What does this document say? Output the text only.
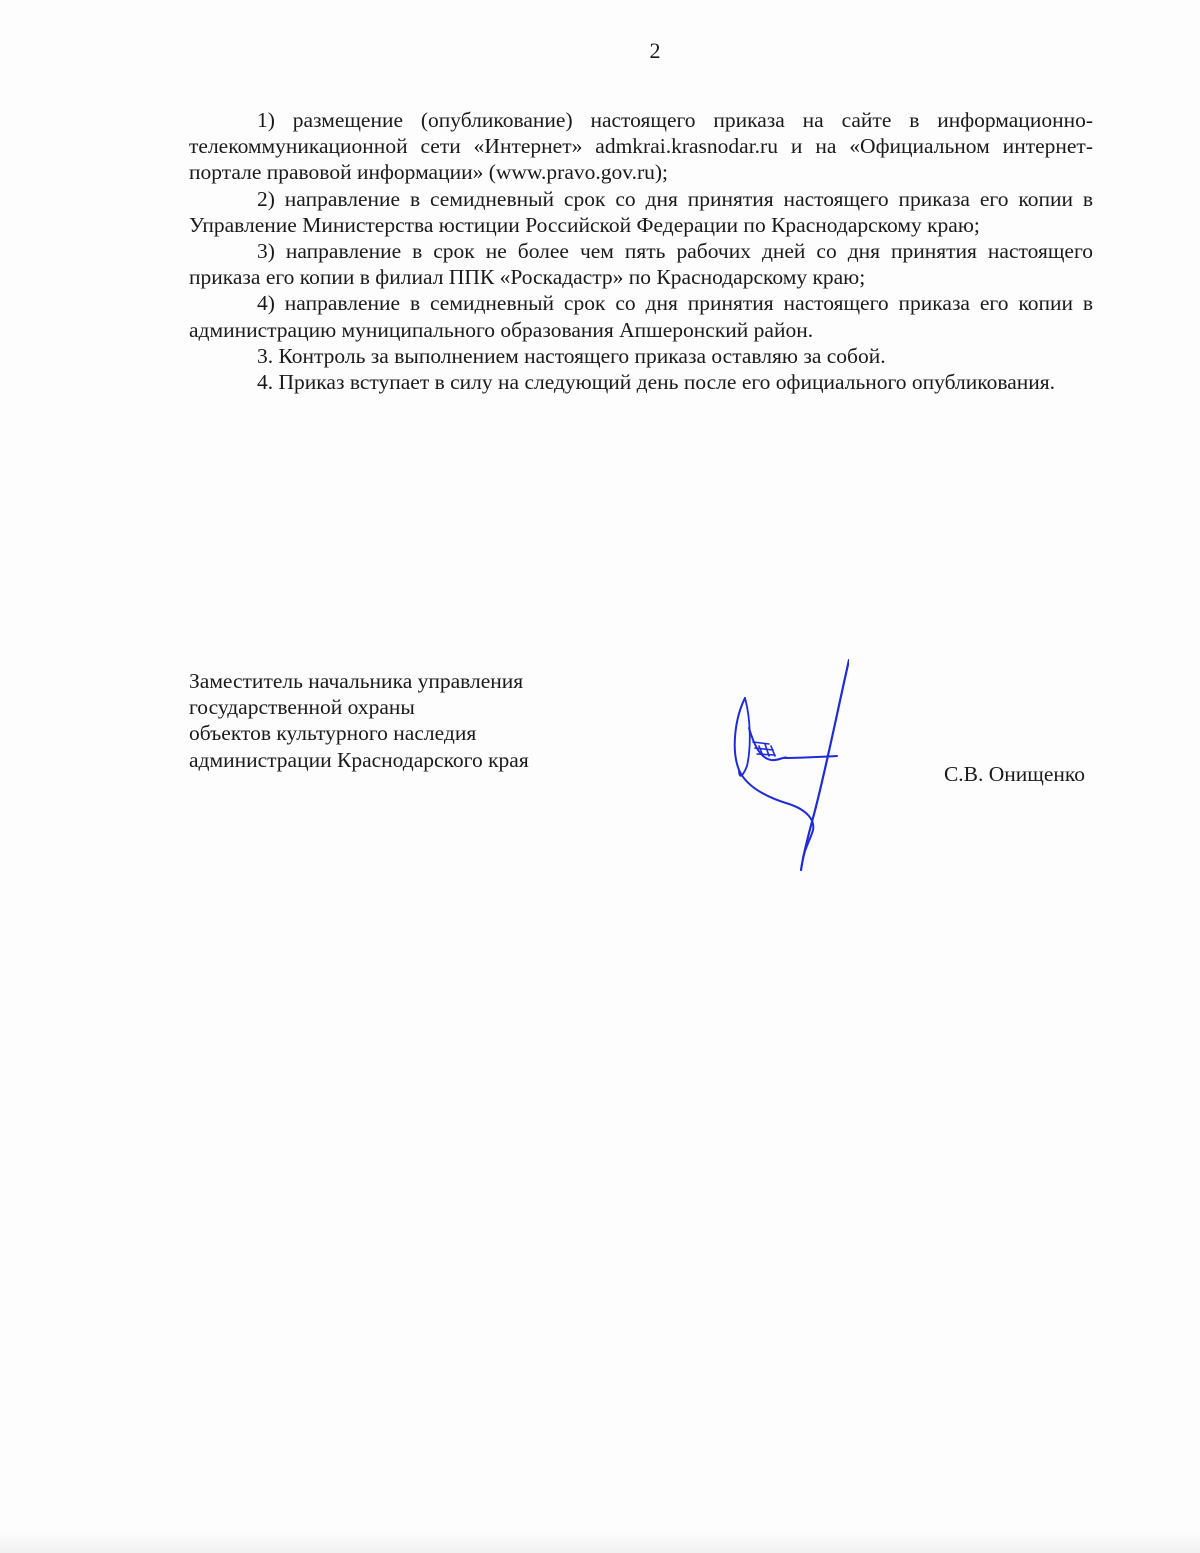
2

1) размещение (опубликование) настоящего приказа на сайте в информационно-телекоммуникационной сети «Интернет» admkrai.krasnodar.ru и на «Официальном интернет-портале правовой информации» (www.pravo.gov.ru);

2) направление в семидневный срок со дня принятия настоящего приказа его копии в Управление Министерства юстиции Российской Федерации по Краснодарскому краю;

3) направление в срок не более чем пять рабочих дней со дня принятия настоящего приказа его копии в филиал ППК «Роскадастр» по Краснодарскому краю;

4) направление в семидневный срок со дня принятия настоящего приказа его копии в администрацию муниципального образования Апшеронский район.

3. Контроль за выполнением настоящего приказа оставляю за собой.

4. Приказ вступает в силу на следующий день после его официального опубликования.

Заместитель начальника управления
государственной охраны
объектов культурного наследия
администрации Краснодарского края
С.В. Онищенко
